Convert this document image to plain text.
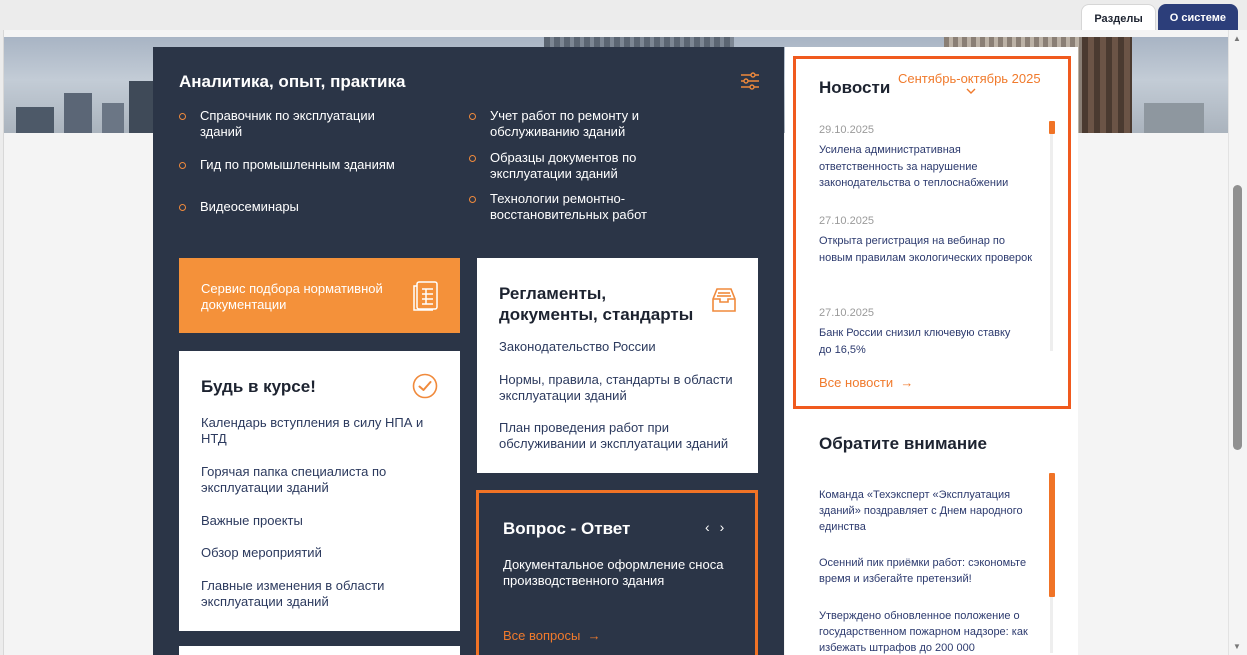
Разделы	О системе
▲
▼
Аналитика, опыт, практика
Справочник по эксплуатации зданий
Гид по промышленным зданиям
Видеосеминары
Учет работ по ремонту и обслуживанию зданий
Образцы документов по эксплуатации зданий
Технологии ремонтно-восстановительных работ
Сервис подбора нормативной документации
Регламенты, документы, стандарты
Законодательство России
Нормы, правила, стандарты в области эксплуатации зданий
План проведения работ при обслуживании и эксплуатации зданий
Будь в курсе!
Календарь вступления в силу НПА и НТД
Горячая папка специалиста по эксплуатации зданий
Важные проекты
Обзор мероприятий
Главные изменения в области эксплуатации зданий
Вопрос - Ответ	‹ ›
Документальное оформление сноса производственного здания
Все вопросы  →
Новости Сентябрь-октябрь 2025
29.10.2025
Усилена административная ответственность за нарушение законодательства о теплоснабжении
27.10.2025
Открыта регистрация на вебинар по новым правилам экологических проверок
27.10.2025
Банк России снизил ключевую ставку до 16,5%
Все новости  →
Обратите внимание
Команда «Техэксперт «Эксплуатация зданий» поздравляет с Днем народного единства
Осенний пик приёмки работ: сэкономьте время и избегайте претензий!
Утверждено обновленное положение о государственном пожарном надзоре: как избежать штрафов до 200 000
